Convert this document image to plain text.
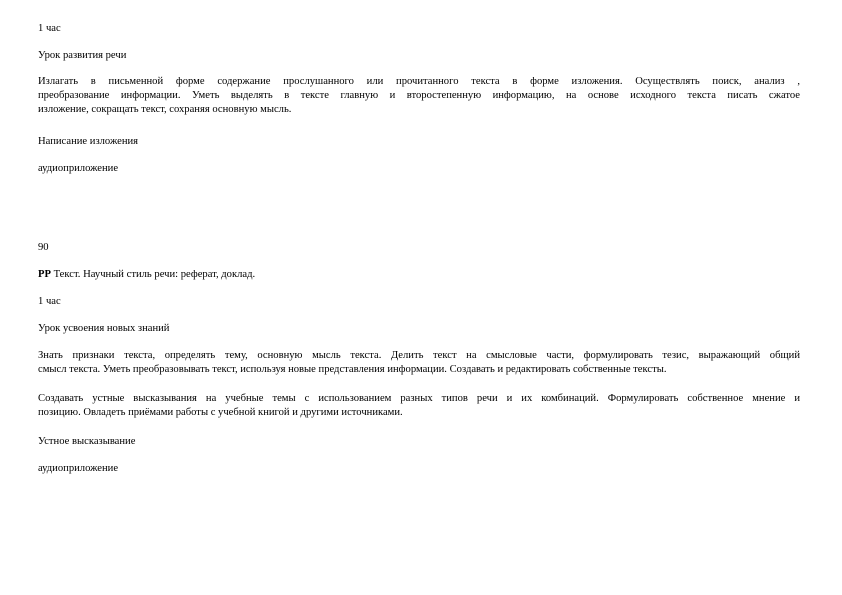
1 час

Урок развития речи

Излагать в письменной форме содержание прослушанного или прочитанного текста в форме изложения. Осуществлять поиск, анализ ,
преобразование информации. Уметь выделять в тексте главную и второстепенную информацию, на основе исходного текста писать сжатое
изложение, сокращать текст, сохраняя основную мысль.

Написание изложения

аудиоприложение

90

РР Текст. Научный стиль речи: реферат, доклад.

1 час

Урок усвоения новых знаний

Знать признаки текста, определять тему, основную мысль текста. Делить текст на смысловые части, формулировать тезис, выражающий общий
смысл текста. Уметь преобразовывать текст, используя новые представления информации. Создавать и редактировать собственные тексты.
Создавать устные высказывания на учебные темы с использованием разных типов речи и их комбинаций. Формулировать собственное мнение и
позицию. Овладеть приёмами работы с учебной книгой и другими источниками.

Устное высказывание

аудиоприложение
